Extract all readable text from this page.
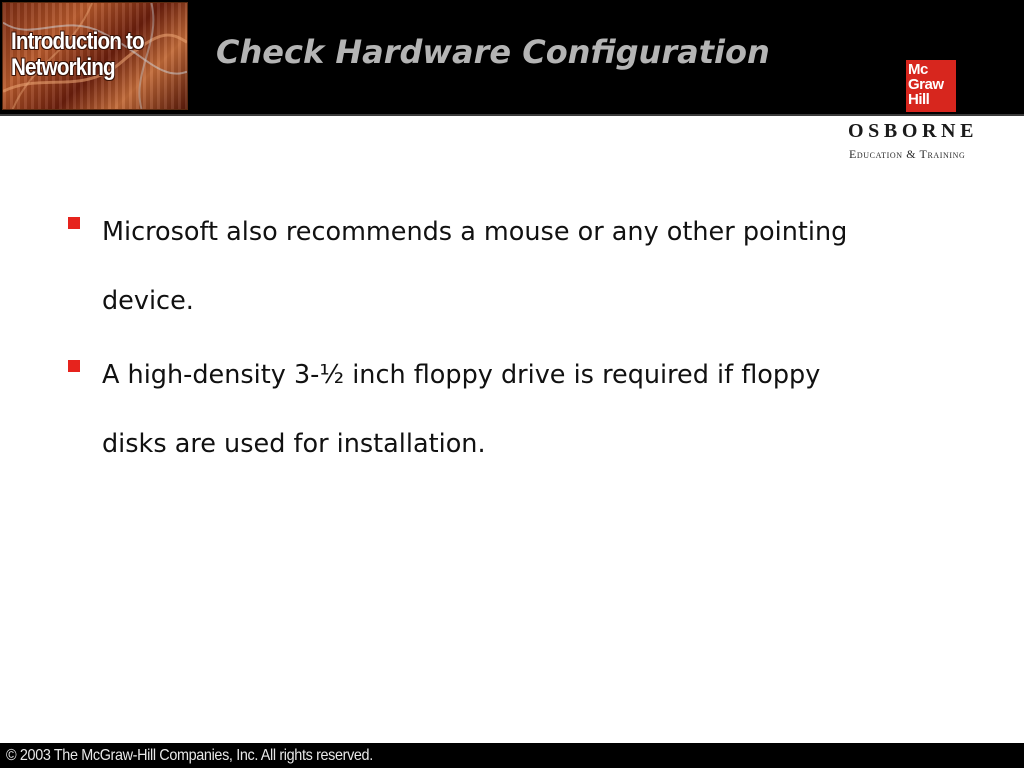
Introduction to
Networking	Check Hardware Configuration	Mc
Graw
Hill
OSBORNE
Education & Training
Microsoft also recommends a mouse or any other pointing
device.
A high-density 3-½ inch floppy drive is required if floppy
disks are used for installation.
© 2003 The McGraw-Hill Companies, Inc. All rights reserved.
